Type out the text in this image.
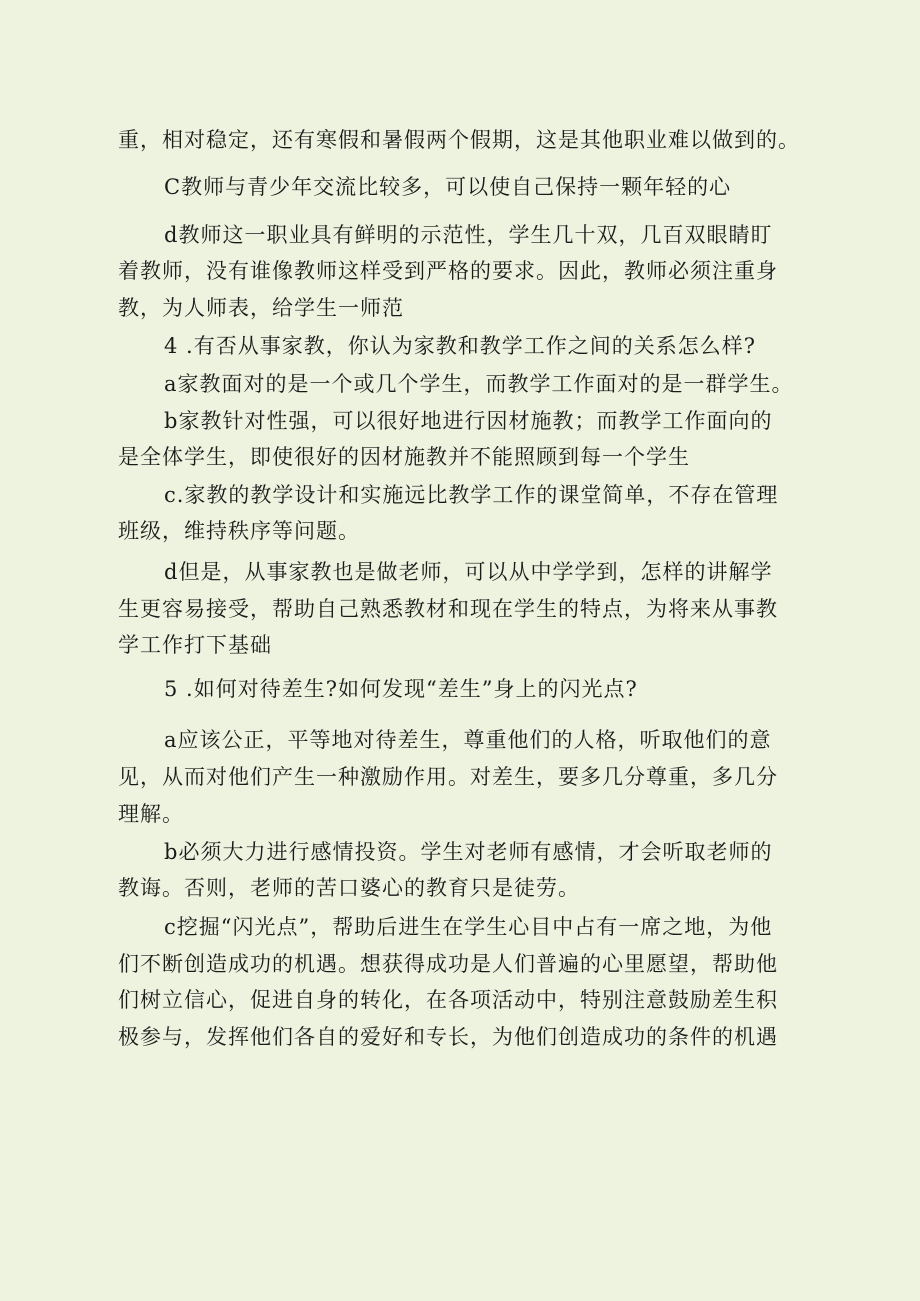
重，相对稳定，还有寒假和暑假两个假期，这是其他职业难以做到的。
C教师与青少年交流比较多，可以使自己保持一颗年轻的心
d教师这一职业具有鲜明的示范性，学生几十双，几百双眼睛盯
着教师，没有谁像教师这样受到严格的要求。因此，教师必须注重身
教，为人师表，给学生一师范
4 .有否从事家教，你认为家教和教学工作之间的关系怎么样?
a家教面对的是一个或几个学生，而教学工作面对的是一群学生。
b家教针对性强，可以很好地进行因材施教；而教学工作面向的
是全体学生，即使很好的因材施教并不能照顾到每一个学生
c.家教的教学设计和实施远比教学工作的课堂简单，不存在管理
班级，维持秩序等问题。
d但是，从事家教也是做老师，可以从中学学到，怎样的讲解学
生更容易接受，帮助自己熟悉教材和现在学生的特点，为将来从事教
学工作打下基础
5 .如何对待差生?如何发现“差生”身上的闪光点?
a应该公正，平等地对待差生，尊重他们的人格，听取他们的意
见，从而对他们产生一种激励作用。对差生，要多几分尊重，多几分
理解。
b必须大力进行感情投资。学生对老师有感情，才会听取老师的
教诲。否则，老师的苦口婆心的教育只是徒劳。
c挖掘“闪光点”，帮助后进生在学生心目中占有一席之地，为他
们不断创造成功的机遇。想获得成功是人们普遍的心里愿望，帮助他
们树立信心，促进自身的转化，在各项活动中，特别注意鼓励差生积
极参与，发挥他们各自的爱好和专长，为他们创造成功的条件的机遇
